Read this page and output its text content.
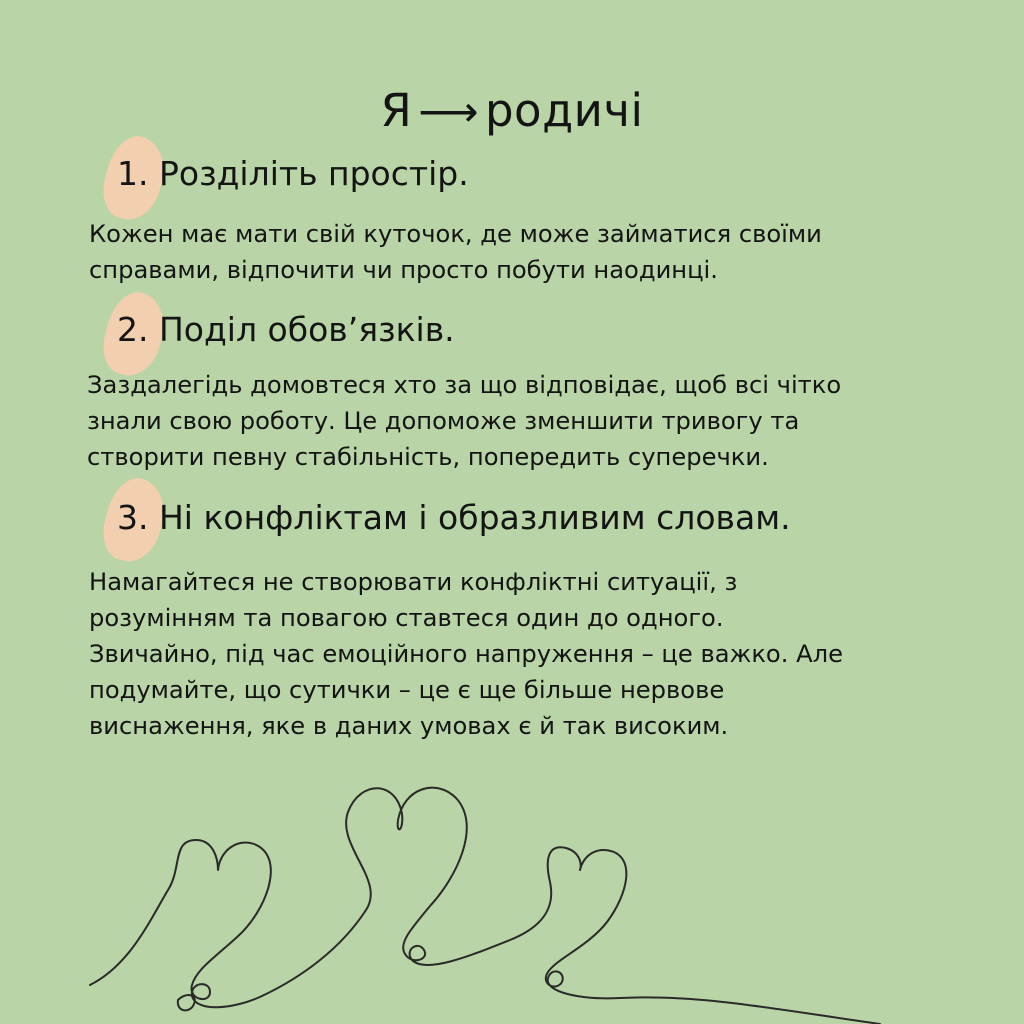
Я ⟶ родичі
1. Розділіть простір.
Кожен має мати свій куточок, де може займатися своїми
справами, відпочити чи просто побути наодинці.
2. Поділ обов’язків.
Заздалегідь домовтеся хто за що відповідає, щоб всі чітко
знали свою роботу. Це допоможе зменшити тривогу та
створити певну стабільність, попередить суперечки.
3. Ні конфліктам і образливим словам.
Намагайтеся не створювати конфліктні ситуації, з
розумінням та повагою ставтеся один до одного.
Звичайно, під час емоційного напруження – це важко. Але
подумайте, що сутички – це є ще більше нервове
виснаження, яке в даних умовах є й так високим.
